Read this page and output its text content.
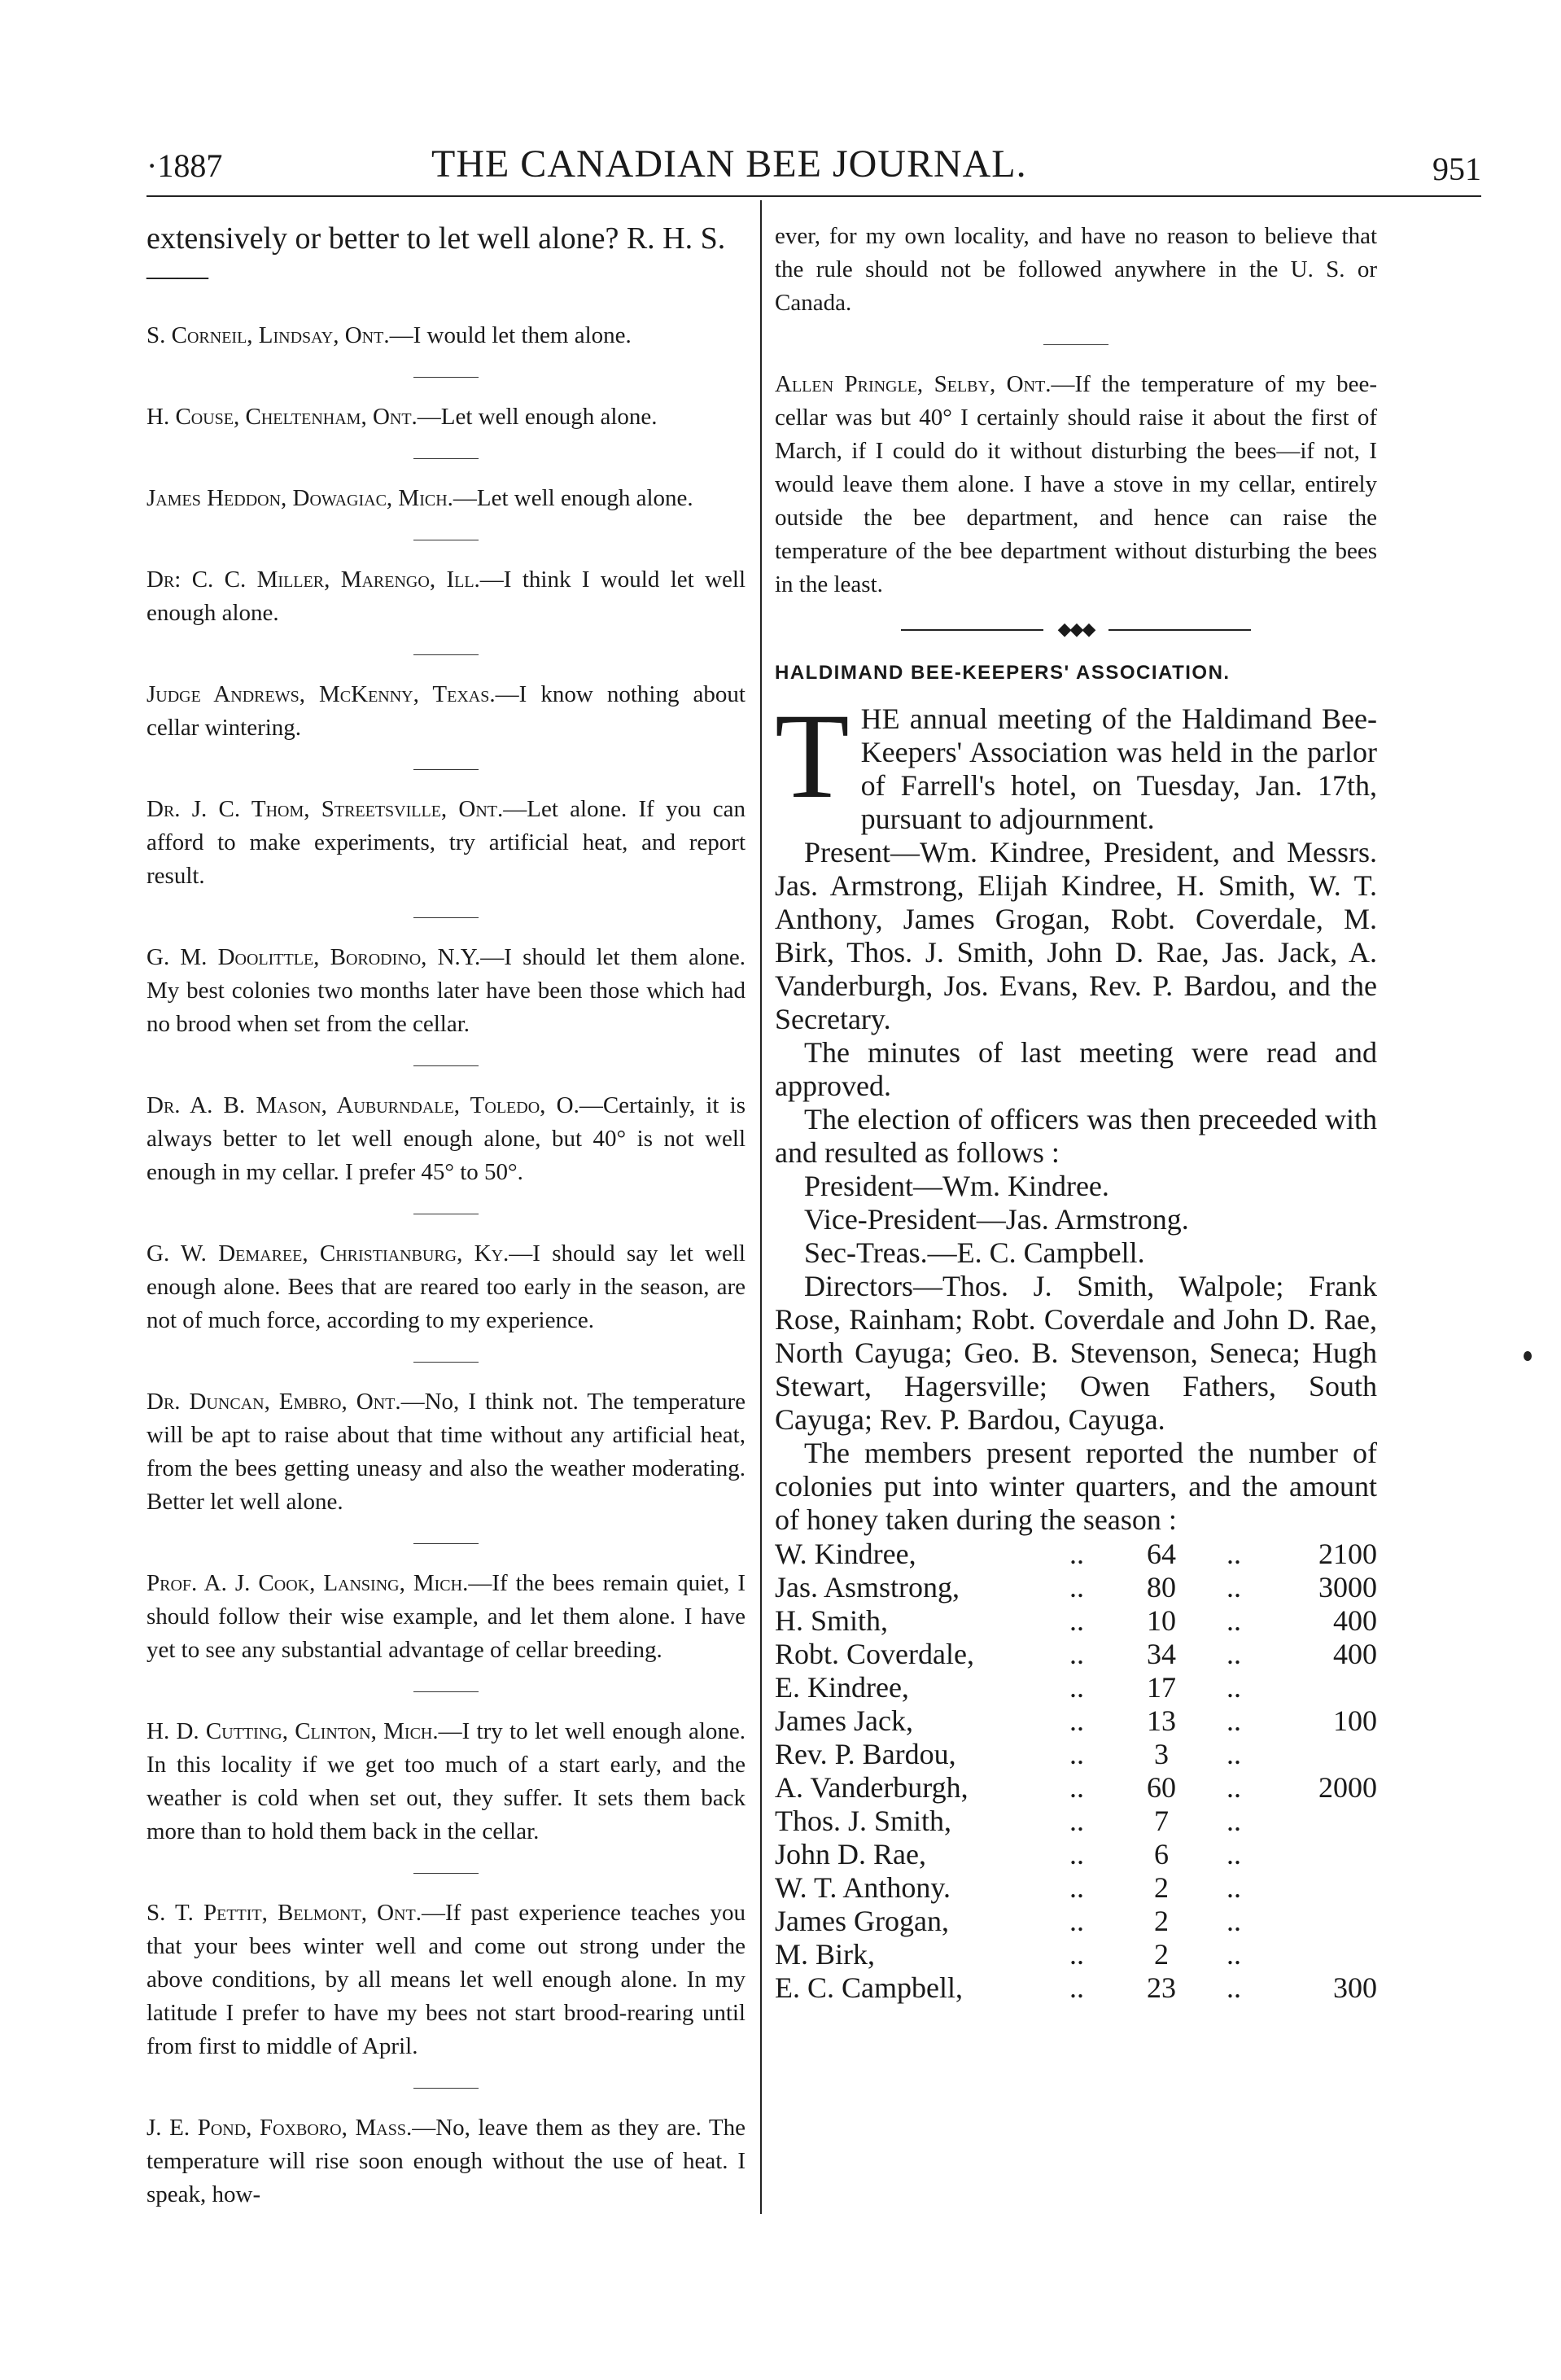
·1887	THE CANADIAN BEE JOURNAL.	951

extensively or better to let well alone? R. H. S.——

S. Corneil, Lindsay, Ont.—I would let them alone.

H. Couse, Cheltenham, Ont.—Let well enough alone.

James Heddon, Dowagiac, Mich.—Let well enough alone.

Dr: C. C. Miller, Marengo, Ill.—I think I would let well enough alone.

Judge Andrews, McKenny, Texas.—I know nothing about cellar wintering.

Dr. J. C. Thom, Streetsville, Ont.—Let alone. If you can afford to make experiments, try artificial heat, and report result.

G. M. Doolittle, Borodino, N.Y.—I should let them alone. My best colonies two months later have been those which had no brood when set from the cellar.

Dr. A. B. Mason, Auburndale, Toledo, O.—Certainly, it is always better to let well enough alone, but 40° is not well enough in my cellar. I prefer 45° to 50°.

G. W. Demaree, Christianburg, Ky.—I should say let well enough alone. Bees that are reared too early in the season, are not of much force, according to my experience.

Dr. Duncan, Embro, Ont.—No, I think not. The temperature will be apt to raise about that time without any artificial heat, from the bees getting uneasy and also the weather moderating. Better let well alone.

Prof. A. J. Cook, Lansing, Mich.—If the bees remain quiet, I should follow their wise example, and let them alone. I have yet to see any substantial advantage of cellar breeding.

H. D. Cutting, Clinton, Mich.—I try to let well enough alone. In this locality if we get too much of a start early, and the weather is cold when set out, they suffer. It sets them back more than to hold them back in the cellar.

S. T. Pettit, Belmont, Ont.—If past experience teaches you that your bees winter well and come out strong under the above conditions, by all means let well enough alone. In my latitude I prefer to have my bees not start brood-rearing until from first to middle of April.

J. E. Pond, Foxboro, Mass.—No, leave them as they are. The temperature will rise soon enough without the use of heat. I speak, how-

ever, for my own locality, and have no reason to believe that the rule should not be followed anywhere in the U. S. or Canada.

Allen Pringle, Selby, Ont.—If the temperature of my bee-cellar was but 40° I certainly should raise it about the first of March, if I could do it without disturbing the bees—if not, I would leave them alone. I have a stove in my cellar, entirely outside the bee department, and hence can raise the temperature of the bee department without disturbing the bees in the least.

◆◆◆
HALDIMAND BEE-KEEPERS' ASSOCIATION.

THE annual meeting of the Haldimand Bee-Keepers' Association was held in the parlor of Farrell's hotel, on Tuesday, Jan. 17th, pursuant to adjournment.

Present—Wm. Kindree, President, and Messrs. Jas. Armstrong, Elijah Kindree, H. Smith, W. T. Anthony, James Grogan, Robt. Coverdale, M. Birk, Thos. J. Smith, John D. Rae, Jas. Jack, A. Vanderburgh, Jos. Evans, Rev. P. Bardou, and the Secretary.

The minutes of last meeting were read and approved.

The election of officers was then preceeded with and resulted as follows :

President—Wm. Kindree.

Vice-President—Jas. Armstrong.

Sec-Treas.—E. C. Campbell.

Directors—Thos. J. Smith, Walpole; Frank Rose, Rainham; Robt. Coverdale and John D. Rae, North Cayuga; Geo. B. Stevenson, Seneca; Hugh Stewart, Hagersville; Owen Fathers, South Cayuga; Rev. P. Bardou, Cayuga.

The members present reported the number of colonies put into winter quarters, and the amount of honey taken during the season :

W. Kindree,	..	64	..	2100
Jas. Asmstrong,	..	80	..	3000
H. Smith,	..	10	..	400
Robt. Coverdale,	..	34	..	400
E. Kindree,	..	17	..
James Jack,	..	13	..	100
Rev. P. Bardou,	..	3	..
A. Vanderburgh,	..	60	..	2000
Thos. J. Smith,	..	7	..
John D. Rae,	..	6	..
W. T. Anthony.	..	2	..
James Grogan,	..	2	..
M. Birk,	..	2	..
E. C. Campbell,	..	23	..	300
